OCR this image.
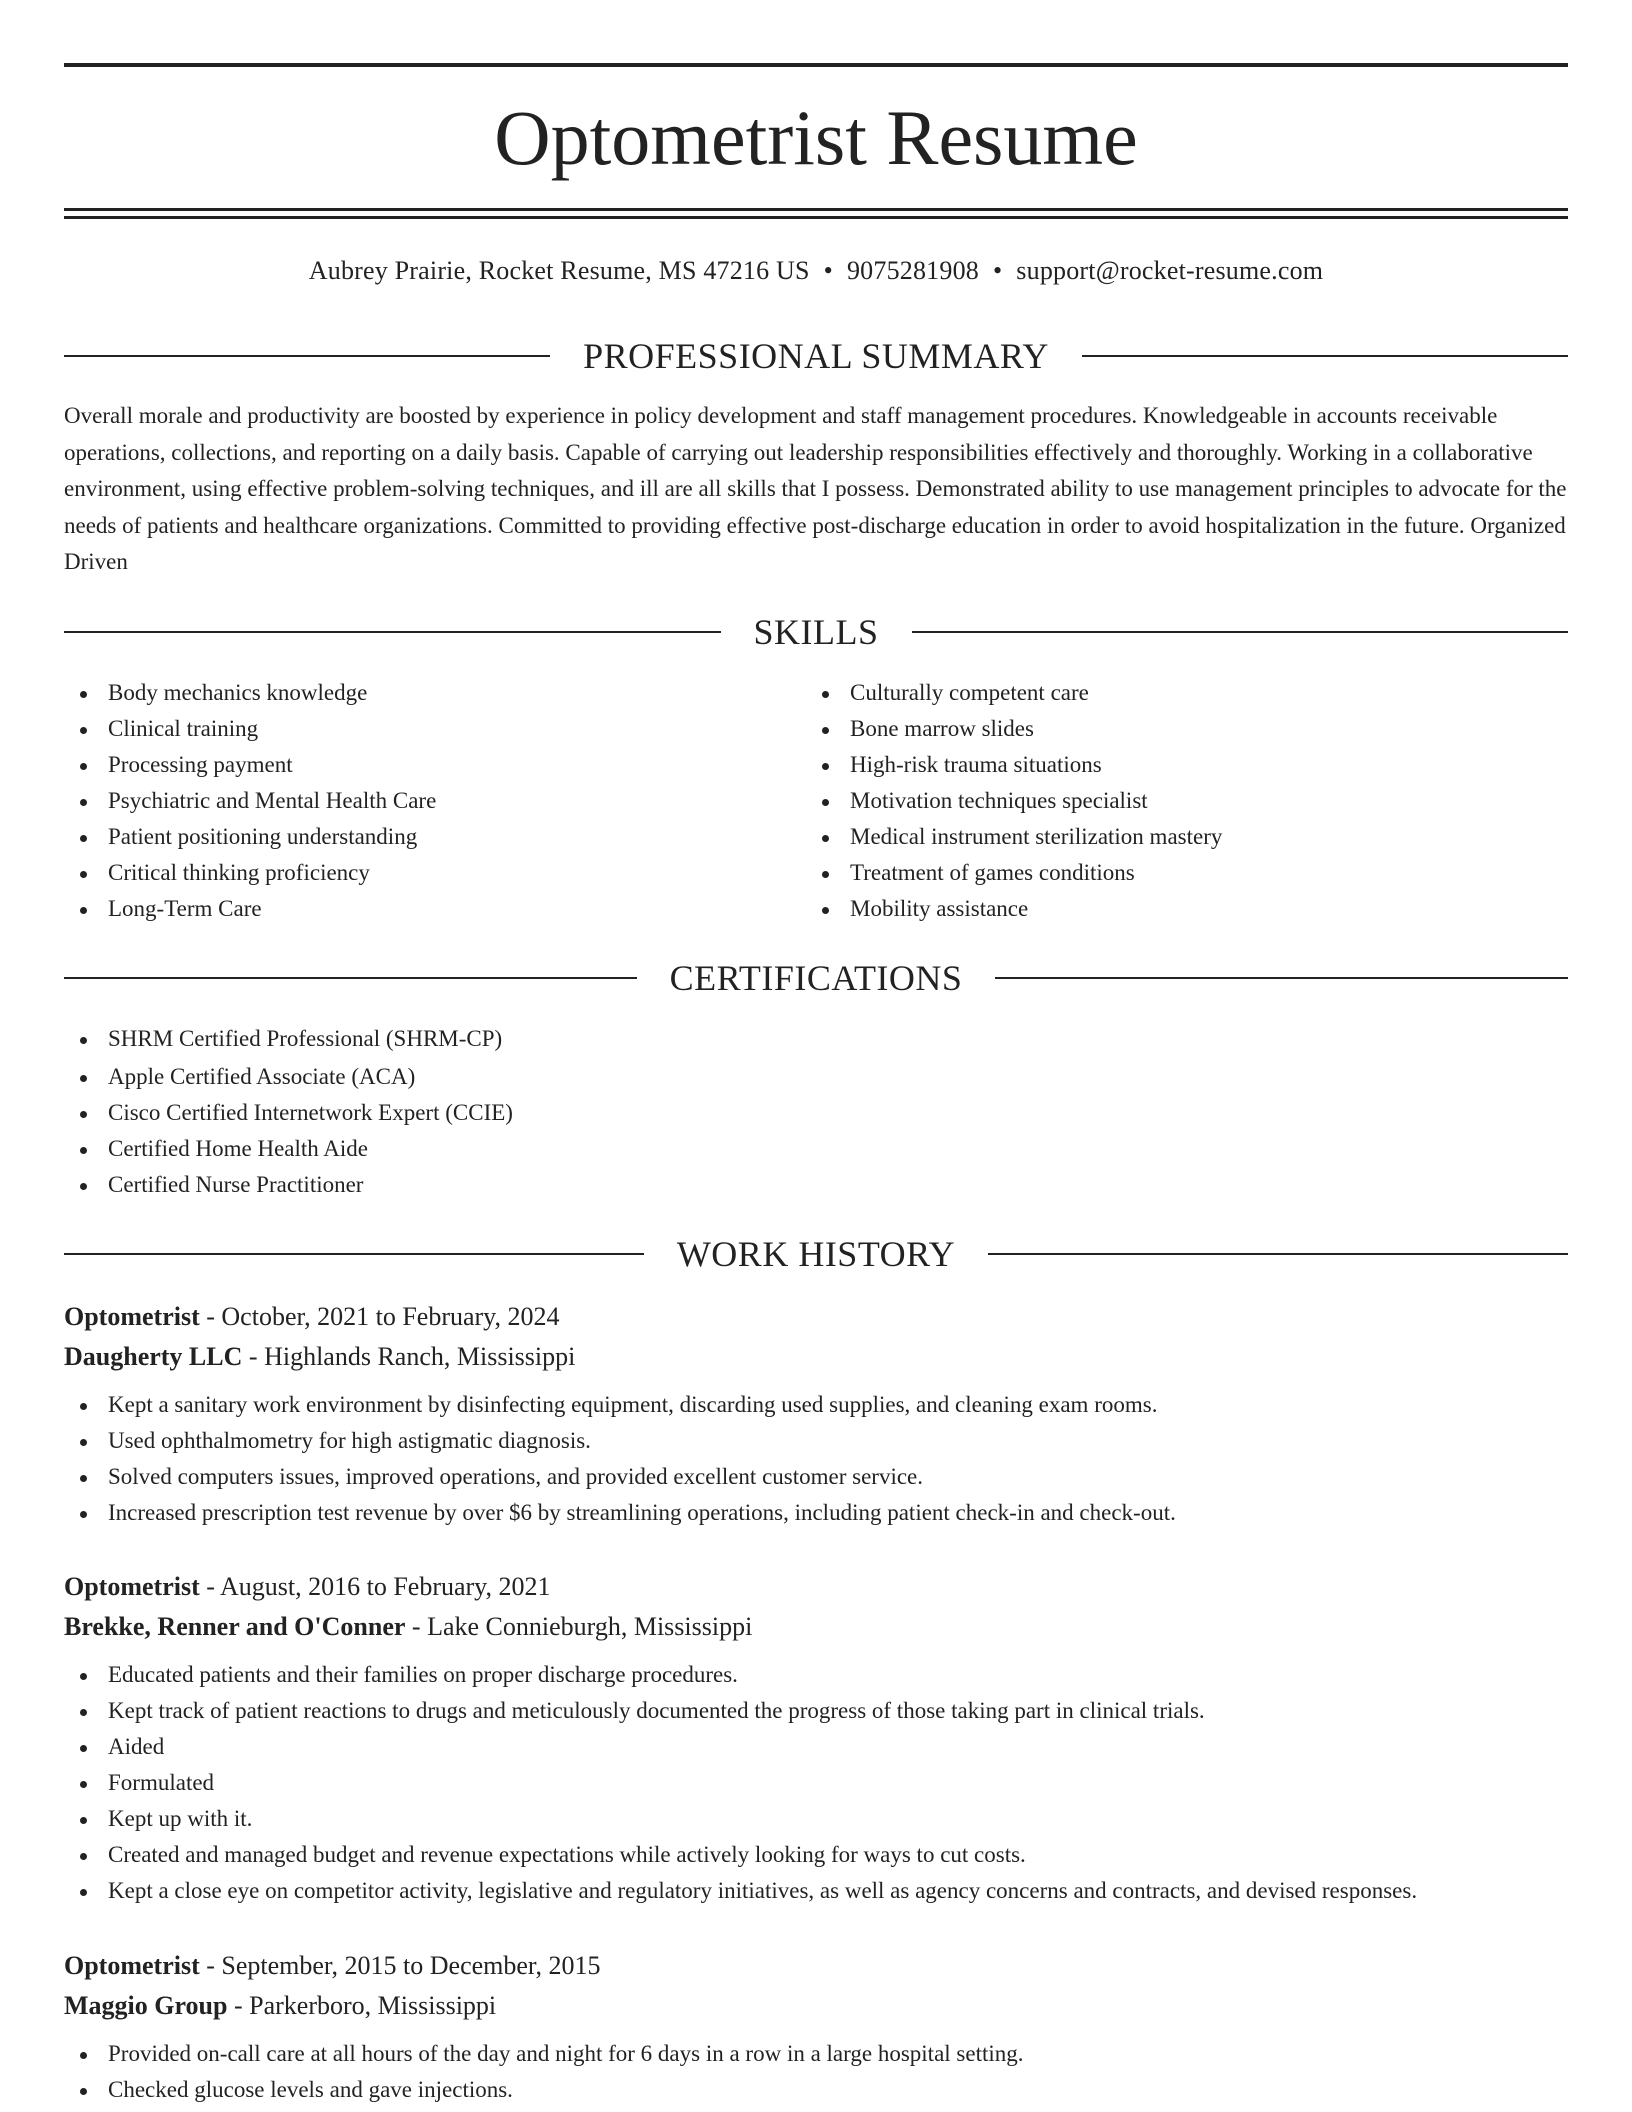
Optometrist Resume
Aubrey Prairie, Rocket Resume, MS 47216 US • 9075281908 • support@rocket-resume.com
PROFESSIONAL SUMMARY

Overall morale and productivity are boosted by experience in policy development and staff management procedures. Knowledgeable in accounts receivable operations, collections, and reporting on a daily basis. Capable of carrying out leadership responsibilities effectively and thoroughly. Working in a collaborative environment, using effective problem-solving techniques, and ill are all skills that I possess. Demonstrated ability to use management principles to advocate for the needs of patients and healthcare organizations. Committed to providing effective post-discharge education in order to avoid hospitalization in the future. Organized Driven

SKILLS
Body mechanics knowledge
Clinical training
Processing payment
Psychiatric and Mental Health Care
Patient positioning understanding
Critical thinking proficiency
Long-Term Care
Culturally competent care
Bone marrow slides
High-risk trauma situations
Motivation techniques specialist
Medical instrument sterilization mastery
Treatment of games conditions
Mobility assistance
CERTIFICATIONS
SHRM Certified Professional (SHRM-CP)
Apple Certified Associate (ACA)
Cisco Certified Internetwork Expert (CCIE)
Certified Home Health Aide
Certified Nurse Practitioner
WORK HISTORY
Optometrist - October, 2021 to February, 2024
Daugherty LLC - Highlands Ranch, Mississippi
Kept a sanitary work environment by disinfecting equipment, discarding used supplies, and cleaning exam rooms.
Used ophthalmometry for high astigmatic diagnosis.
Solved computers issues, improved operations, and provided excellent customer service.
Increased prescription test revenue by over $6 by streamlining operations, including patient check-in and check-out.
Optometrist - August, 2016 to February, 2021
Brekke, Renner and O'Conner - Lake Connieburgh, Mississippi
Educated patients and their families on proper discharge procedures.
Kept track of patient reactions to drugs and meticulously documented the progress of those taking part in clinical trials.
Aided
Formulated
Kept up with it.
Created and managed budget and revenue expectations while actively looking for ways to cut costs.
Kept a close eye on competitor activity, legislative and regulatory initiatives, as well as agency concerns and contracts, and devised responses.
Optometrist - September, 2015 to December, 2015
Maggio Group - Parkerboro, Mississippi
Provided on-call care at all hours of the day and night for 6 days in a row in a large hospital setting.
Checked glucose levels and gave injections.
